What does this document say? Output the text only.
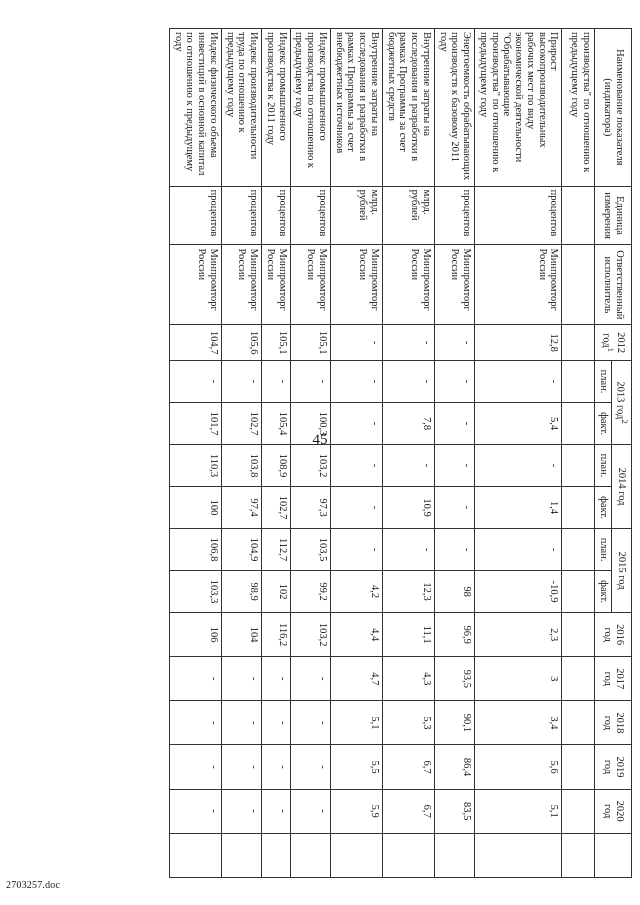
45
Наименование показателя (индикатора)	Единица измерения	Ответственный исполнитель	2012 год$^1$	2013 год$^2$		2014 год		2015 год		2016 год	2017 год	2018 год	2019 год	2020 год	
				план.	факт.	план.	факт.	план.	факт.						
производства" по отношению к предыдущему году															
Прирост высокопроизводительных рабочих мест по виду экономической деятельности "Обрабатывающие производства" по отношению к предыдущему году	процентов	Минпромторг России	12,8	-	5,4	-	1,4	-	-10,9	2,3	3	3,4	5,6	5,1	
Энергоемкость обрабатывающих производств к базовому 2011 году	процентов	Минпромторг России	-	-	-	-	-	-	98	96,9	93,5	90,1	86,4	83,5	
Внутренние затраты на исследования и разработки в рамках Программы за счет бюджетных средств	млрд. рублей	Минпромторг России	-	-	7,8	-	10,9	-	12,3	11,1	4,3	5,3	6,7	6,7	
Внутренние затраты на исследования и разработки в рамках Программы за счет внебюджетных источников	млрд. рублей	Минпромторг России	-	-	-	-	-	-	4,2	4,4	4,7	5,1	5,5	5,9	
Индекс промышленного производства по отношению к предыдущему году	процентов	Минпромторг России	105,1	-	100,3	103,2	97,3	103,5	99,2	103,2	-	-	-	-	
Индекс промышленного производства к 2011 году	процентов	Минпромторг России	105,1	-	105,4	108,9	102,7	112,7	102	116,2	-	-	-	-	
Индекс производительности труда по отношению к предыдущему году	процентов	Минпромторг России	105,6	-	102,7	103,8	97,4	104,9	98,9	104	-	-	-	-	
Индекс физического объема инвестиций в основной капитал по отношению к предыдущему году	процентов	Минпромторг России	104,7	-	101,7	110,3	100	106,8	103,3	106	-	-	-	-	
2703257.doc
